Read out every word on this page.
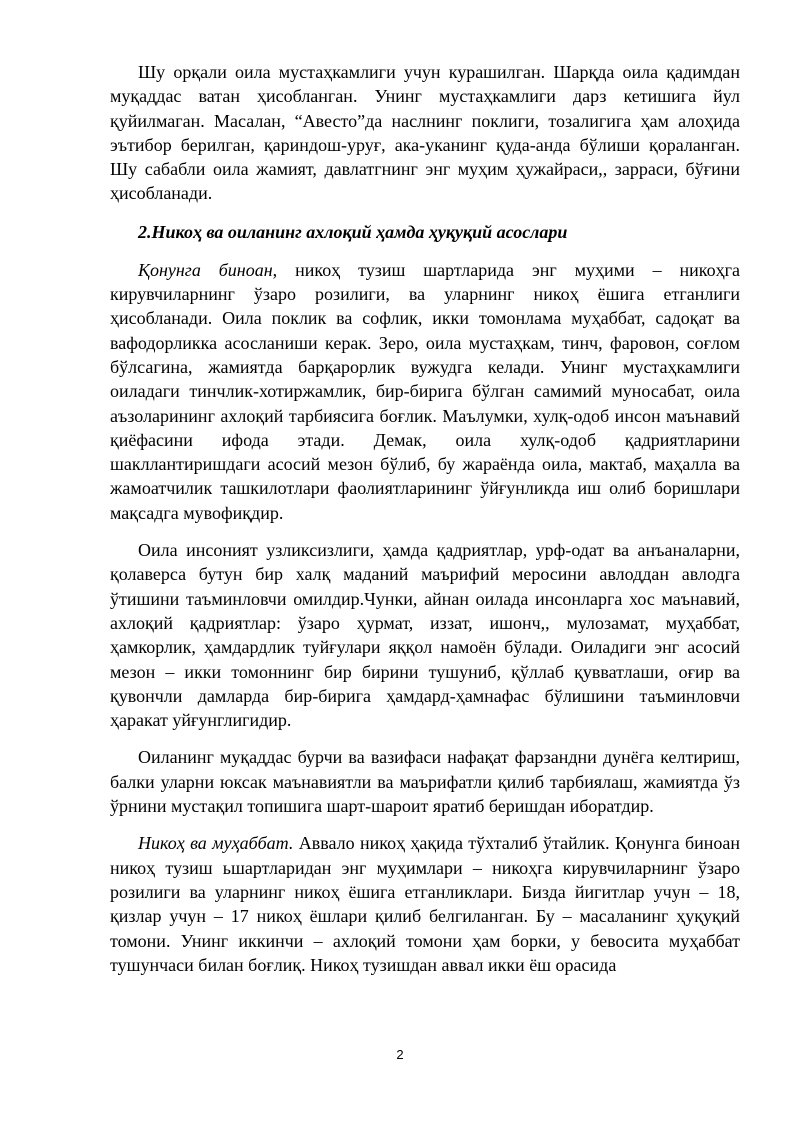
Шу орқали оила мустаҳкамлиги учун курашилган. Шарқда оила қадимдан муқаддас ватан ҳисобланган. Унинг мустаҳкамлиги дарз кетишига йул қуйилмаган. Масалан, “Авесто”да наслнинг поклиги, тозалигига ҳам алоҳида эътибор берилган, қариндош-уруғ, ака-уканинг қуда-анда бўлиши қораланган. Шу сабабли оила жамият, давлатгнинг энг муҳим ҳужайраси,, зарраси, бўғини ҳисобланади.

2.Никоҳ ва оиланинг ахлоқий ҳамда ҳуқуқий асослари

Қонунга биноан, никоҳ тузиш шартларида энг муҳими – никоҳга кирувчиларнинг ўзаро розилиги, ва уларнинг никоҳ ёшига етганлиги ҳисобланади. Оила поклик ва софлик, икки томонлама муҳаббат, садоқат ва вафодорликка асосланиши керак. Зеро, оила мустаҳкам, тинч, фаровон, соғлом бўлсагина, жамиятда барқарорлик вужудга келади. Унинг мустаҳкамлиги оиладаги тинчлик-хотиржамлик, бир-бирига бўлган самимий муносабат, оила аъзоларининг ахлоқий тарбиясига боғлик. Маълумки, хулқ-одоб инсон маънавий қиёфасини ифода этади. Демак, оила хулқ-одоб қадриятларини шакллантиришдаги асосий мезон бўлиб, бу жараёнда оила, мактаб, маҳалла ва жамоатчилик ташкилотлари фаолиятларининг ўйғунликда иш олиб боришлари мақсадга мувофиқдир.

Оила инсоният узликсизлиги, ҳамда қадриятлар, урф-одат ва анъаналарни, қолаверса бутун бир халқ маданий маърифий меросини авлоддан авлодга ўтишини таъминловчи омилдир.Чунки, айнан оилада инсонларга хос маънавий, ахлоқий қадриятлар: ўзаро ҳурмат, иззат, ишонч,, мулозамат, муҳаббат, ҳамкорлик, ҳамдардлик туйғулари яққол намоён бўлади. Оиладиги энг асосий мезон – икки томоннинг бир бирини тушуниб, қўллаб қувватлаши, оғир ва қувончли дамларда бир-бирига ҳамдард-ҳамнафас бўлишини таъминловчи ҳаракат уйғунглигидир.

Оиланинг муқаддас бурчи ва вазифаси нафақат фарзандни дунёга келтириш, балки уларни юксак маънавиятли ва маърифатли қилиб тарбиялаш, жамиятда ўз ўрнини мустақил топишига шарт-шароит яратиб беришдан иборатдир.

Никоҳ ва муҳаббат. Аввало никоҳ ҳақида тўхталиб ўтайлик. Қонунга биноан никоҳ тузиш ьшартларидан энг муҳимлари – никоҳга кирувчиларнинг ўзаро розилиги ва уларнинг никоҳ ёшига етганликлари. Бизда йигитлар учун – 18, қизлар учун – 17 никоҳ ёшлари қилиб белгиланган. Бу – масаланинг ҳуқуқий томони. Унинг иккинчи – ахлоқий томони ҳам борки, у бевосита муҳаббат тушунчаси билан боғлиқ. Никоҳ тузишдан аввал икки ёш орасида

2
